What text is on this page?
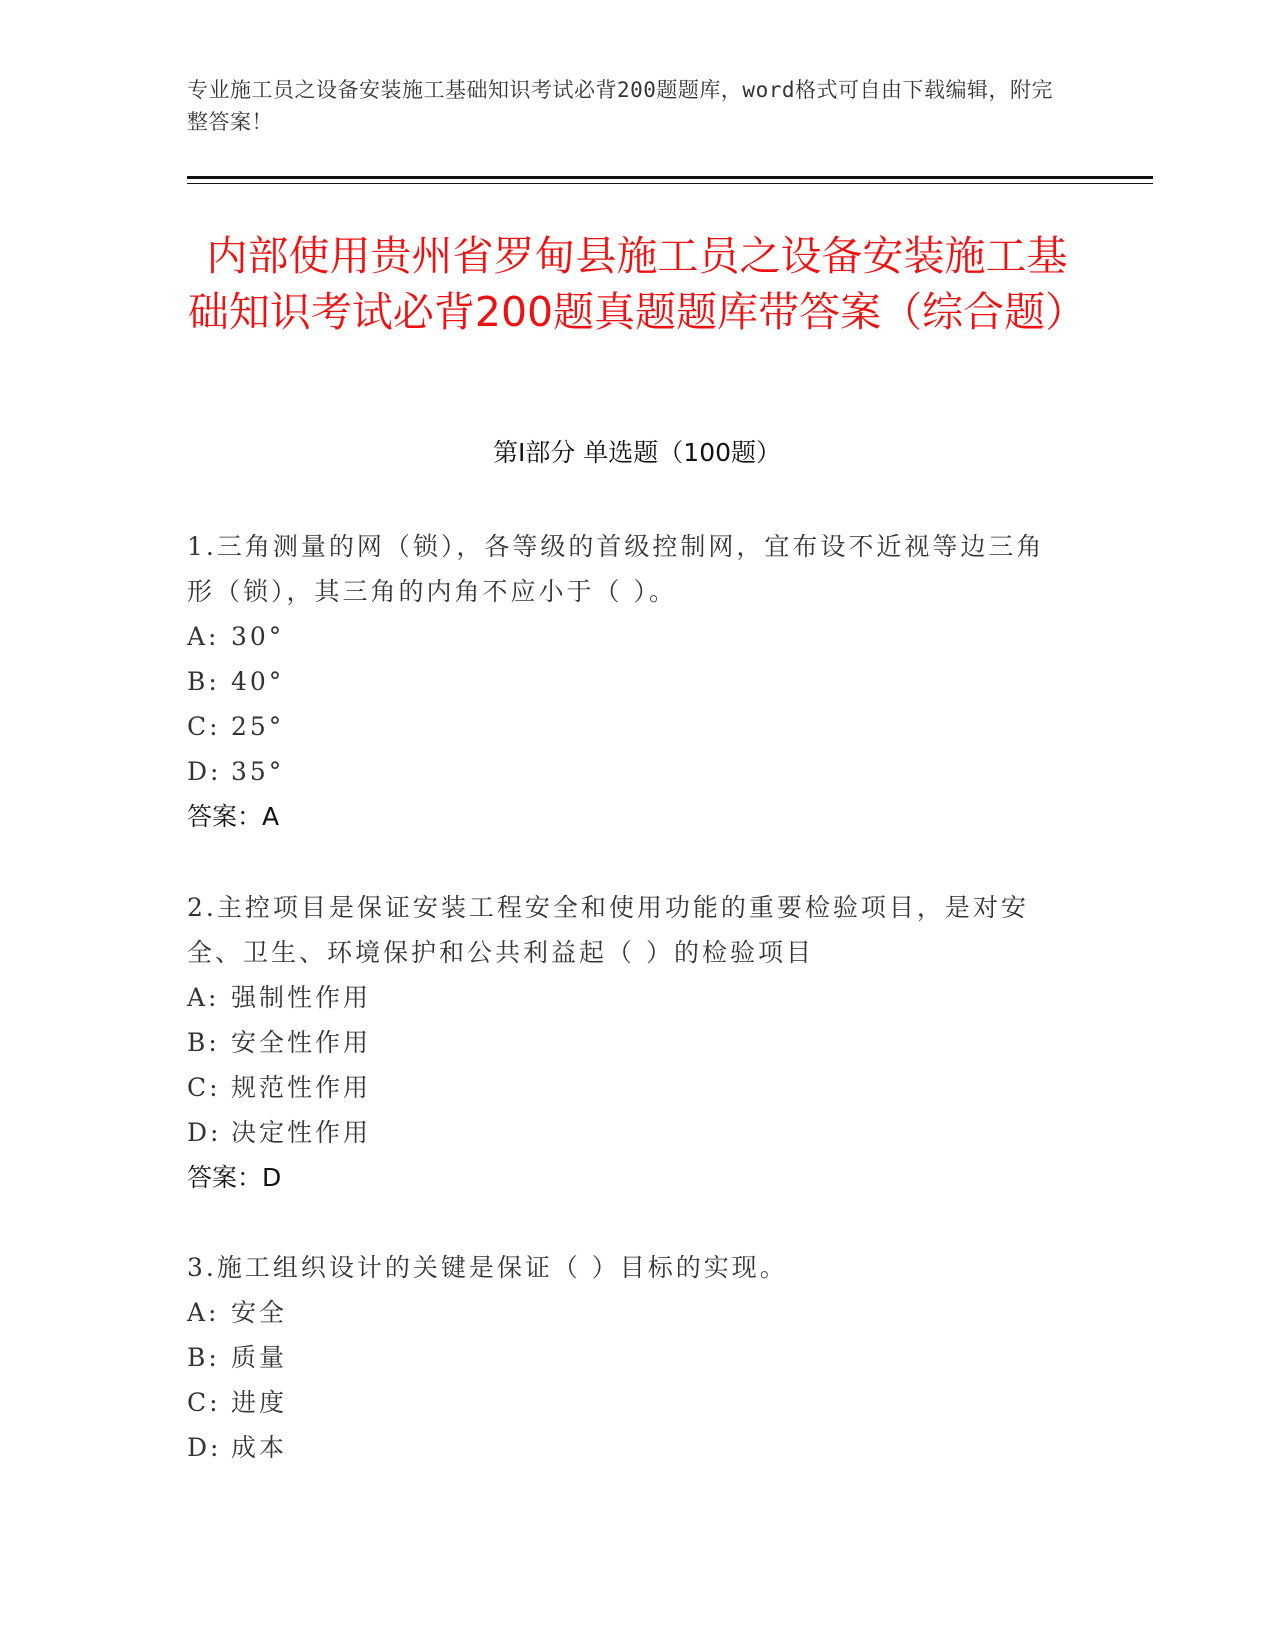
专业施工员之设备安装施工基础知识考试必背200题题库，word格式可自由下载编辑，附完整答案！
内部使用贵州省罗甸县施工员之设备安装施工基础知识考试必背200题真题题库带答案（综合题）
第Ⅰ部分 单选题（100题）

1.三角测量的网（锁），各等级的首级控制网，宜布设不近视等边三角形（锁），其三角的内角不应小于（ ）。

A: 30°

B: 40°

C: 25°

D: 35°

答案：A

2.主控项目是保证安装工程安全和使用功能的重要检验项目，是对安全、卫生、环境保护和公共利益起（ ）的检验项目

A: 强制性作用

B: 安全性作用

C: 规范性作用

D: 决定性作用

答案：D

3.施工组织设计的关键是保证（ ）目标的实现。

A: 安全

B: 质量

C: 进度

D: 成本
